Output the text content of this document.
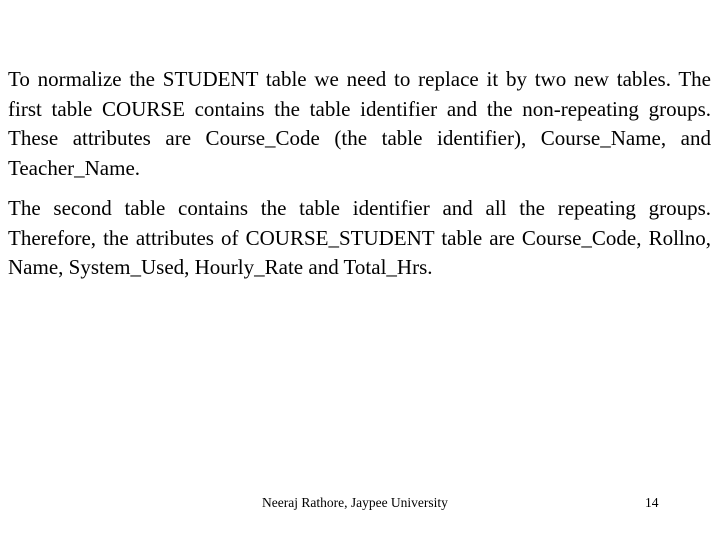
To normalize the STUDENT table we need to replace it by two new tables. The first table COURSE contains the table identifier and the non-repeating groups. These attributes are Course_Code (the table identifier), Course_Name, and Teacher_Name.

The second table contains the table identifier and all the repeating groups. Therefore, the attributes of COURSE_STUDENT table are Course_Code, Rollno, Name, System_Used, Hourly_Rate and Total_Hrs.

Neeraj Rathore, Jaypee University	14
